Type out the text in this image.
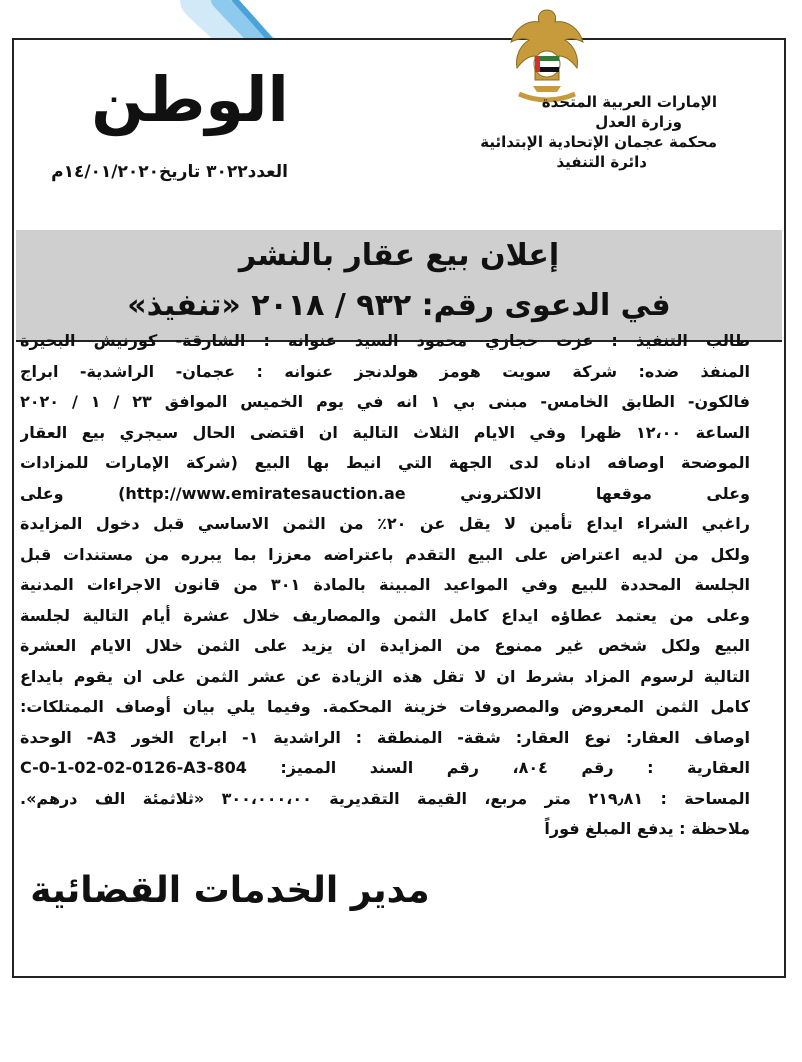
إعلان بيع عقار بالنشر
في الدعوى رقم: ٩٣٢ / ٢٠١٨ «تنفيذ»
الوطن
العدد٣٠٢٢ تاريخ١٤/٠١/٢٠٢٠م
الإمارات العربية المتحدة
وزارة العدل
محكمة عجمان الإتحادية الإبتدائية
دائرة التنفيذ
طالب التنفيذ : عزت حجازي محمود السيد عنوانه : الشارقة- كورنيش البحيرة
المنفذ ضده: شركة سويت هومز هولدنجز عنوانه : عجمان- الراشدية- ابراج
فالكون- الطابق الخامس- مبنى بي ١ انه في يوم الخميس الموافق ٢٣ / ١ / ٢٠٢٠
الساعة ١٢،٠٠ ظهرا وفي الايام الثلاث التالية ان اقتضى الحال سيجري بيع العقار
الموضحة اوصافه ادناه لدى الجهة التي انيط بها البيع (شركة الإمارات للمزادات
وعلى موقعها الالكتروني http://www.emiratesauction.ae) وعلى
راغبي الشراء ايداع تأمين لا يقل عن ٢٠٪ من الثمن الاساسي قبل دخول المزايدة
ولكل من لديه اعتراض على البيع التقدم باعتراضه معززا بما يبرره من مستندات قبل
الجلسة المحددة للبيع وفي المواعيد المبينة بالمادة ٣٠١ من قانون الاجراءات المدنية
وعلى من يعتمد عطاؤه ايداع كامل الثمن والمصاريف خلال عشرة أيام التالية لجلسة
البيع ولكل شخص غير ممنوع من المزايدة ان يزيد على الثمن خلال الايام العشرة
التالية لرسوم المزاد بشرط ان لا تقل هذه الزيادة عن عشر الثمن على ان يقوم بايداع
كامل الثمن المعروض والمصروفات خزينة المحكمة. وفيما يلي بيان أوصاف الممتلكات:
اوصاف العقار: نوع العقار: شقة- المنطقة : الراشدية ١- ابراج الخور A3- الوحدة
العقارية : رقم ٨٠٤، رقم السند المميز: C-0-1-02-02-0126-A3-804
المساحة : ٢١٩٫٨١ متر مربع، القيمة التقديرية ٣٠٠،٠٠٠،٠٠ «ثلاثمئة الف درهم».
ملاحظة : يدفع المبلغ فوراً
مدير الخدمات القضائية
